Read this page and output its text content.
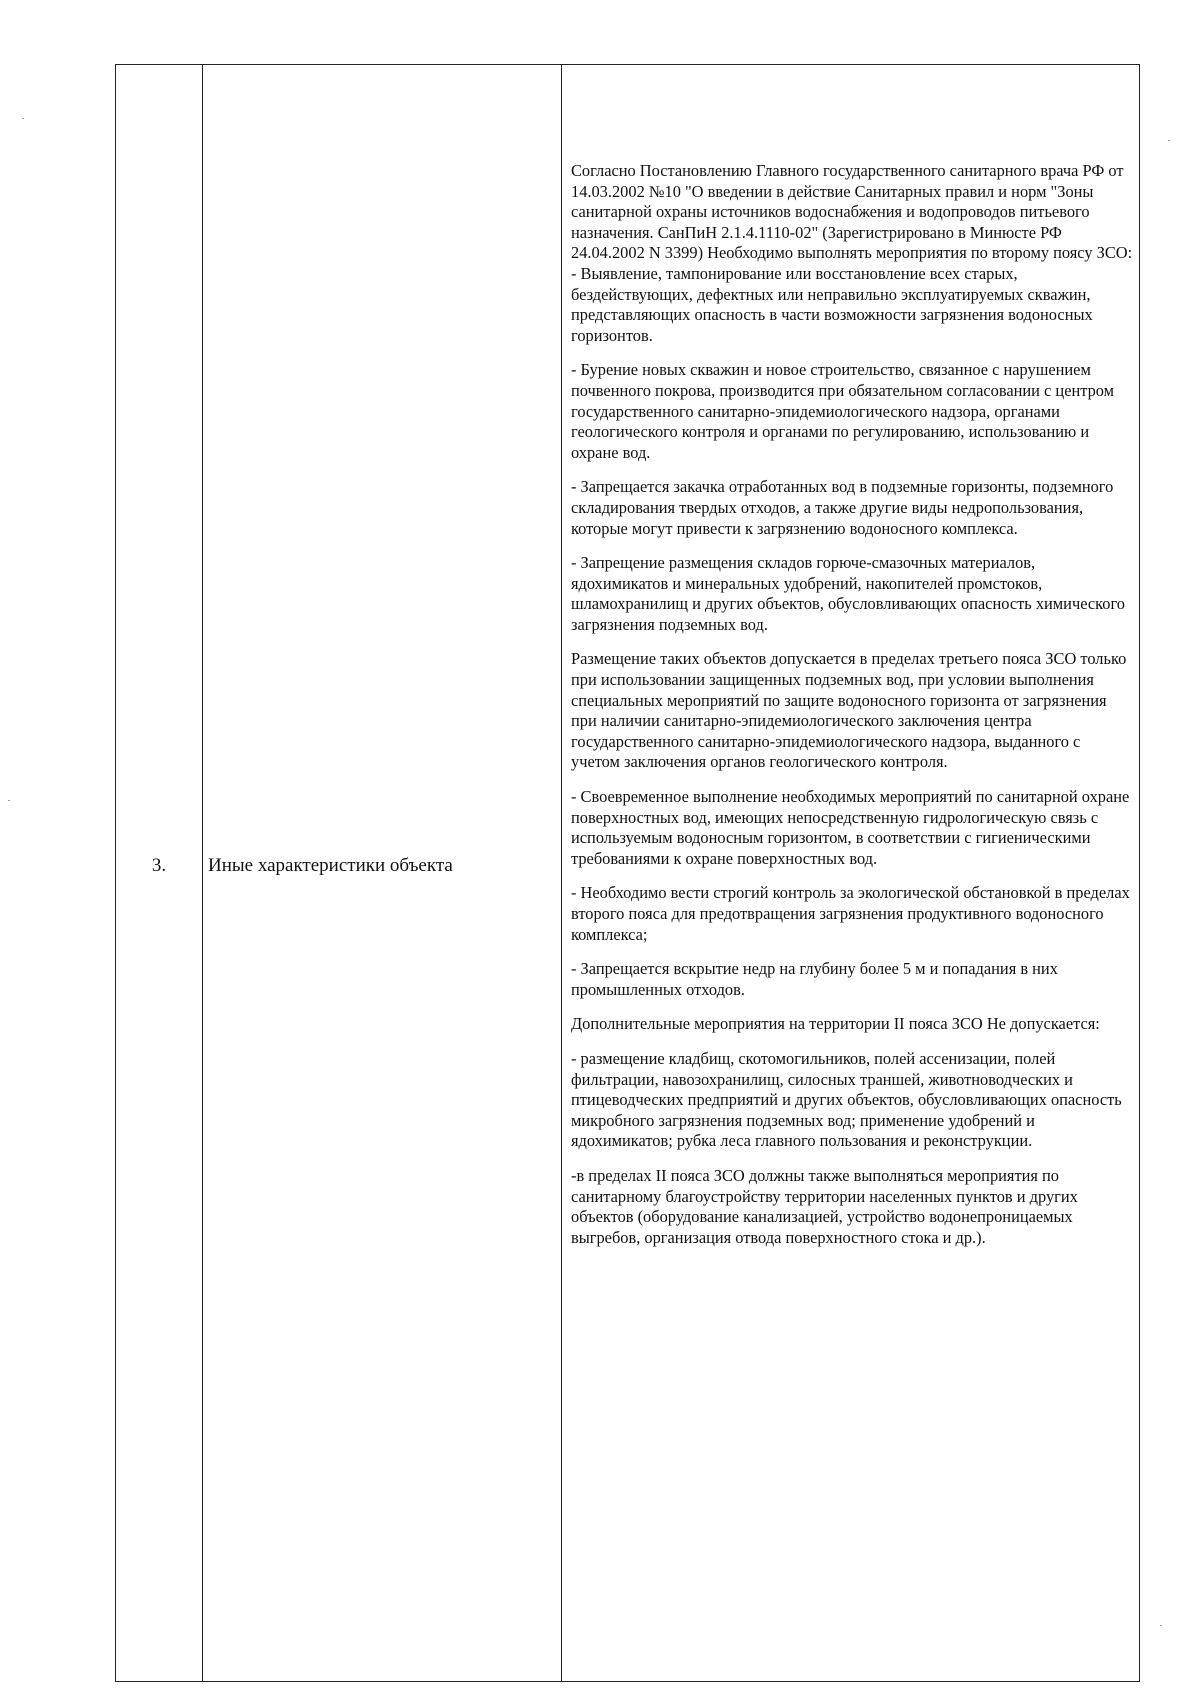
3.	Иные характеристики объекта

Согласно Постановлению Главного государственного санитарного врача РФ от 14.03.2002 №10 "О введении в действие Санитарных правил и норм "Зоны санитарной охраны источников водоснабжения и водопроводов питьевого назначения. СанПиН 2.1.4.1110-02" (Зарегистрировано в Минюсте РФ 24.04.2002 N 3399) Необходимо выполнять мероприятия по второму поясу ЗСО: - Выявление, тампонирование или восстановление всех старых, бездействующих, дефектных или неправильно эксплуатируемых скважин, представляющих опасность в части возможности загрязнения водоносных горизонтов.

- Бурение новых скважин и новое строительство, связанное с нарушением почвенного покрова, производится при обязательном согласовании с центром государственного санитарно-эпидемиологического надзора, органами геологического контроля и органами по регулированию, использованию и охране вод.

- Запрещается закачка отработанных вод в подземные горизонты, подземного складирования твердых отходов, а также другие виды недропользования, которые могут привести к загрязнению водоносного комплекса.

- Запрещение размещения складов горюче-смазочных материалов, ядохимикатов и минеральных удобрений, накопителей промстоков, шламохранилищ и других объектов, обусловливающих опасность химического загрязнения подземных вод.

Размещение таких объектов допускается в пределах третьего пояса ЗСО только при использовании защищенных подземных вод, при условии выполнения специальных мероприятий по защите водоносного горизонта от загрязнения при наличии санитарно-эпидемиологического заключения центра государственного санитарно-эпидемиологического надзора, выданного с учетом заключения органов геологического контроля.

- Своевременное выполнение необходимых мероприятий по санитарной охране поверхностных вод, имеющих непосредственную гидрологическую связь с используемым водоносным горизонтом, в соответствии с гигиеническими требованиями к охране поверхностных вод.

- Необходимо вести строгий контроль за экологической обстановкой в пределах второго пояса для предотвращения загрязнения продуктивного водоносного комплекса;

- Запрещается вскрытие недр на глубину более 5 м и попадания в них промышленных отходов.

Дополнительные мероприятия на территории II пояса ЗСО Не допускается:

- размещение кладбищ, скотомогильников, полей ассенизации, полей фильтрации, навозохранилищ, силосных траншей, животноводческих и птицеводческих предприятий и других объектов, обусловливающих опасность микробного загрязнения подземных вод; применение удобрений и ядохимикатов; рубка леса главного пользования и реконструкции.

-в пределах II пояса ЗСО должны также выполняться мероприятия по санитарному благоустройству территории населенных пунктов и других объектов (оборудование канализацией, устройство водонепроницаемых выгребов, организация отвода поверхностного стока и др.).
